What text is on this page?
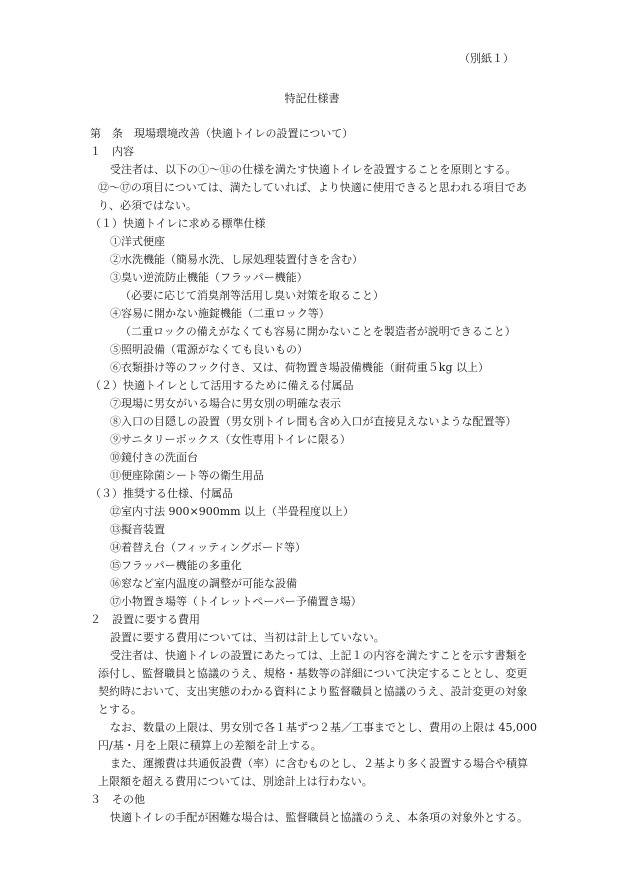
（別紙１）
特記仕様書
第　条　現場環境改善（快適トイレの設置について）
１　内容
受注者は、以下の①～⑪の仕様を満たす快適トイレを設置することを原則とする。
⑫～⑰の項目については、満たしていれば、より快適に使用できると思われる項目であ
り、必須ではない。
（１）快適トイレに求める標準仕様
①洋式便座
②水洗機能（簡易水洗、し尿処理装置付きを含む）
③臭い逆流防止機能（フラッパー機能）
（必要に応じて消臭剤等活用し臭い対策を取ること）
④容易に開かない施錠機能（二重ロック等）
（二重ロックの備えがなくても容易に開かないことを製造者が説明できること）
⑤照明設備（電源がなくても良いもの）
⑥衣類掛け等のフック付き、又は、荷物置き場設備機能（耐荷重５kg 以上）
（２）快適トイレとして活用するために備える付属品
⑦現場に男女がいる場合に男女別の明確な表示
⑧入口の目隠しの設置（男女別トイレ間も含め入口が直接見えないような配置等）
⑨サニタリーボックス（女性専用トイレに限る）
⑩鏡付きの洗面台
⑪便座除菌シート等の衛生用品
（３）推奨する仕様、付属品
⑫室内寸法 900×900mm 以上（半畳程度以上）
⑬擬音装置
⑭着替え台（フィッティングボード等）
⑮フラッパー機能の多重化
⑯窓など室内温度の調整が可能な設備
⑰小物置き場等（トイレットペーパー予備置き場）
２　設置に要する費用
設置に要する費用については、当初は計上していない。
受注者は、快適トイレの設置にあたっては、上記１の内容を満たすことを示す書類を
添付し、監督職員と協議のうえ、規格・基数等の詳細について決定することとし、変更
契約時において、支出実態のわかる資料により監督職員と協議のうえ、設計変更の対象
とする。
なお、数量の上限は、男女別で各１基ずつ２基／工事までとし、費用の上限は 45,000
円/基・月を上限に積算上の差額を計上する。
また、運搬費は共通仮設費（率）に含むものとし、２基より多く設置する場合や積算
上限額を超える費用については、別途計上は行わない。
３　その他
快適トイレの手配が困難な場合は、監督職員と協議のうえ、本条項の対象外とする。
